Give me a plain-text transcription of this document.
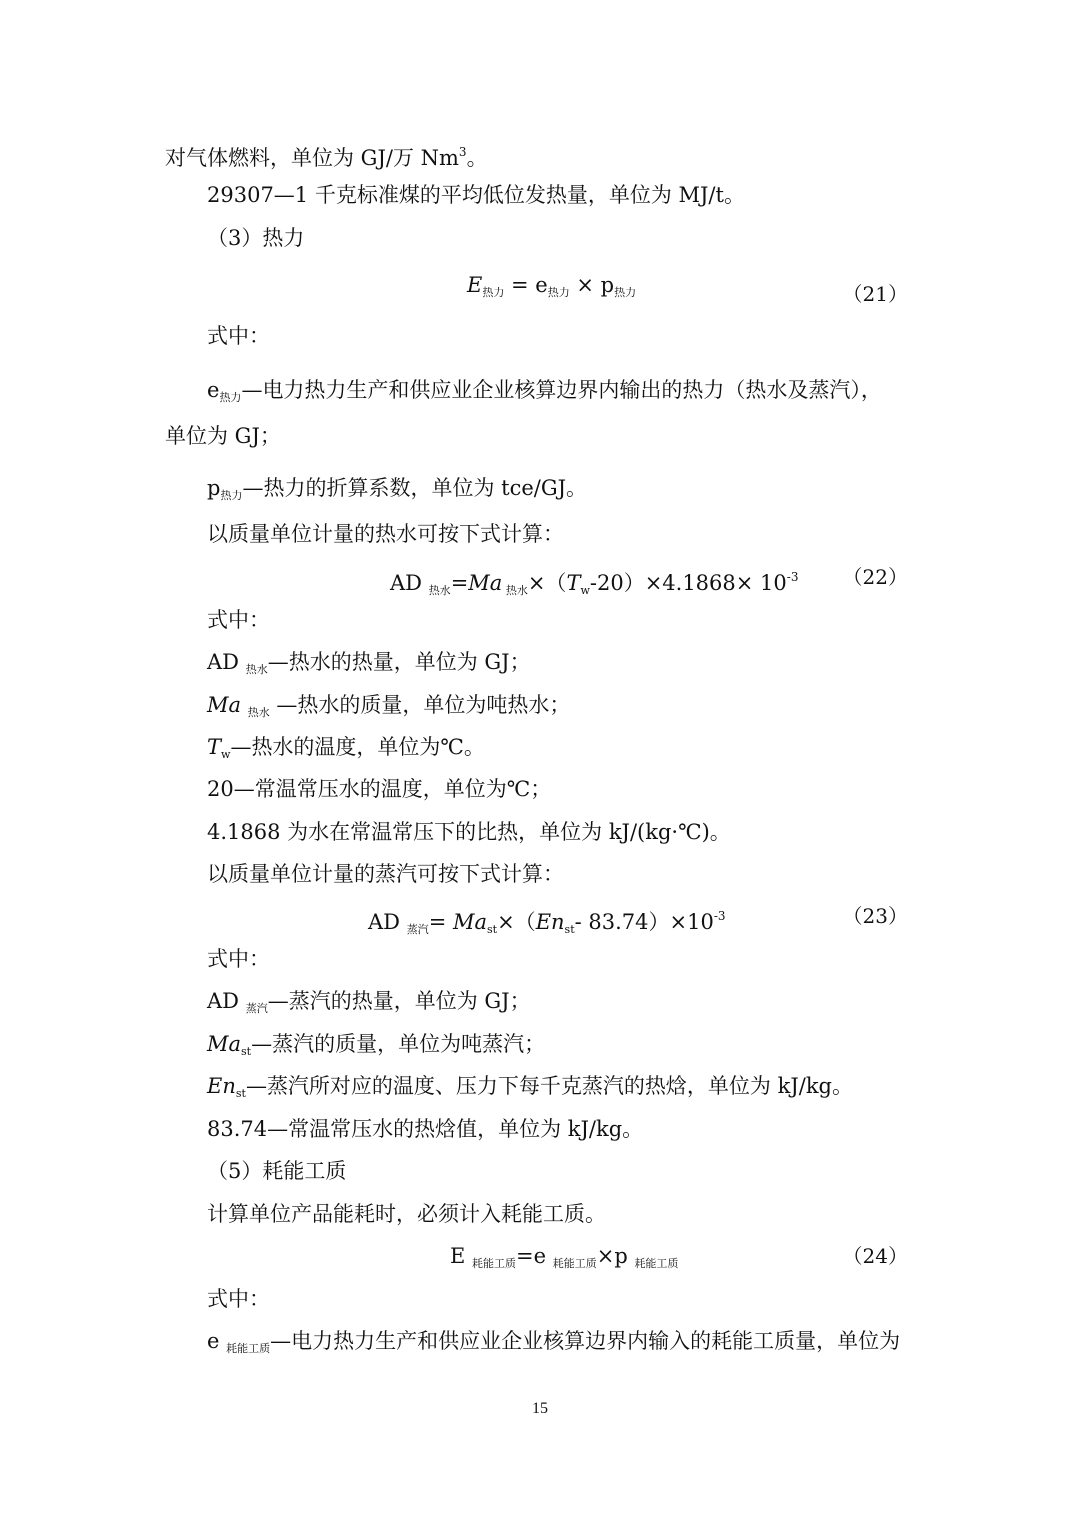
对气体燃料，单位为 GJ/万 Nm$^3$。
29307—1 千克标准煤的平均低位发热量，单位为 MJ/t。
（3）热力
$E_{热力} = e_{热力} \times p_{热力}$	（21）
式中：
$e_{热力}—$电力热力生产和供应业企业核算边界内输出的热力（热水及蒸汽），
单位为 GJ；
$p_{热力}—$热力的折算系数，单位为 tce/GJ。
以质量单位计量的热水可按下式计算：
AD $_{热水}$=Ma $_{热水}\times(T_w-20)\times 4.1868\times 10^{-3}$ （22）
式中：
AD $_{热水}$—热水的热量，单位为 GJ；
Ma $_{热水}$ —热水的质量，单位为吨热水；
$T_w—$热水的温度，单位为℃。
20—常温常压水的温度，单位为℃；
4.1868 为水在常温常压下的比热，单位为 kJ/(kg·℃)。
以质量单位计量的蒸汽可按下式计算：
AD $_{蒸汽}= Ma_{st}\times(En_{st}-$ $83.74)\times 10^{-3}$	（23）
式中：
AD $_{蒸汽}$—蒸汽的热量，单位为 GJ；
$Ma_{st}—$蒸汽的质量，单位为吨蒸汽；
$En_{st}—$蒸汽所对应的温度、压力下每千克蒸汽的热焓，单位为 kJ/kg。
83.74—常温常压水的热焓值，单位为 kJ/kg。
（5）耗能工质
计算单位产品能耗时，必须计入耗能工质。
E $_{耗能工质}$=e $_{耗能工质}$×p $_{耗能工质}$	（24）
式中：
e $_{耗能工质}$—电力热力生产和供应业企业核算边界内输入的耗能工质量，单位为
15
